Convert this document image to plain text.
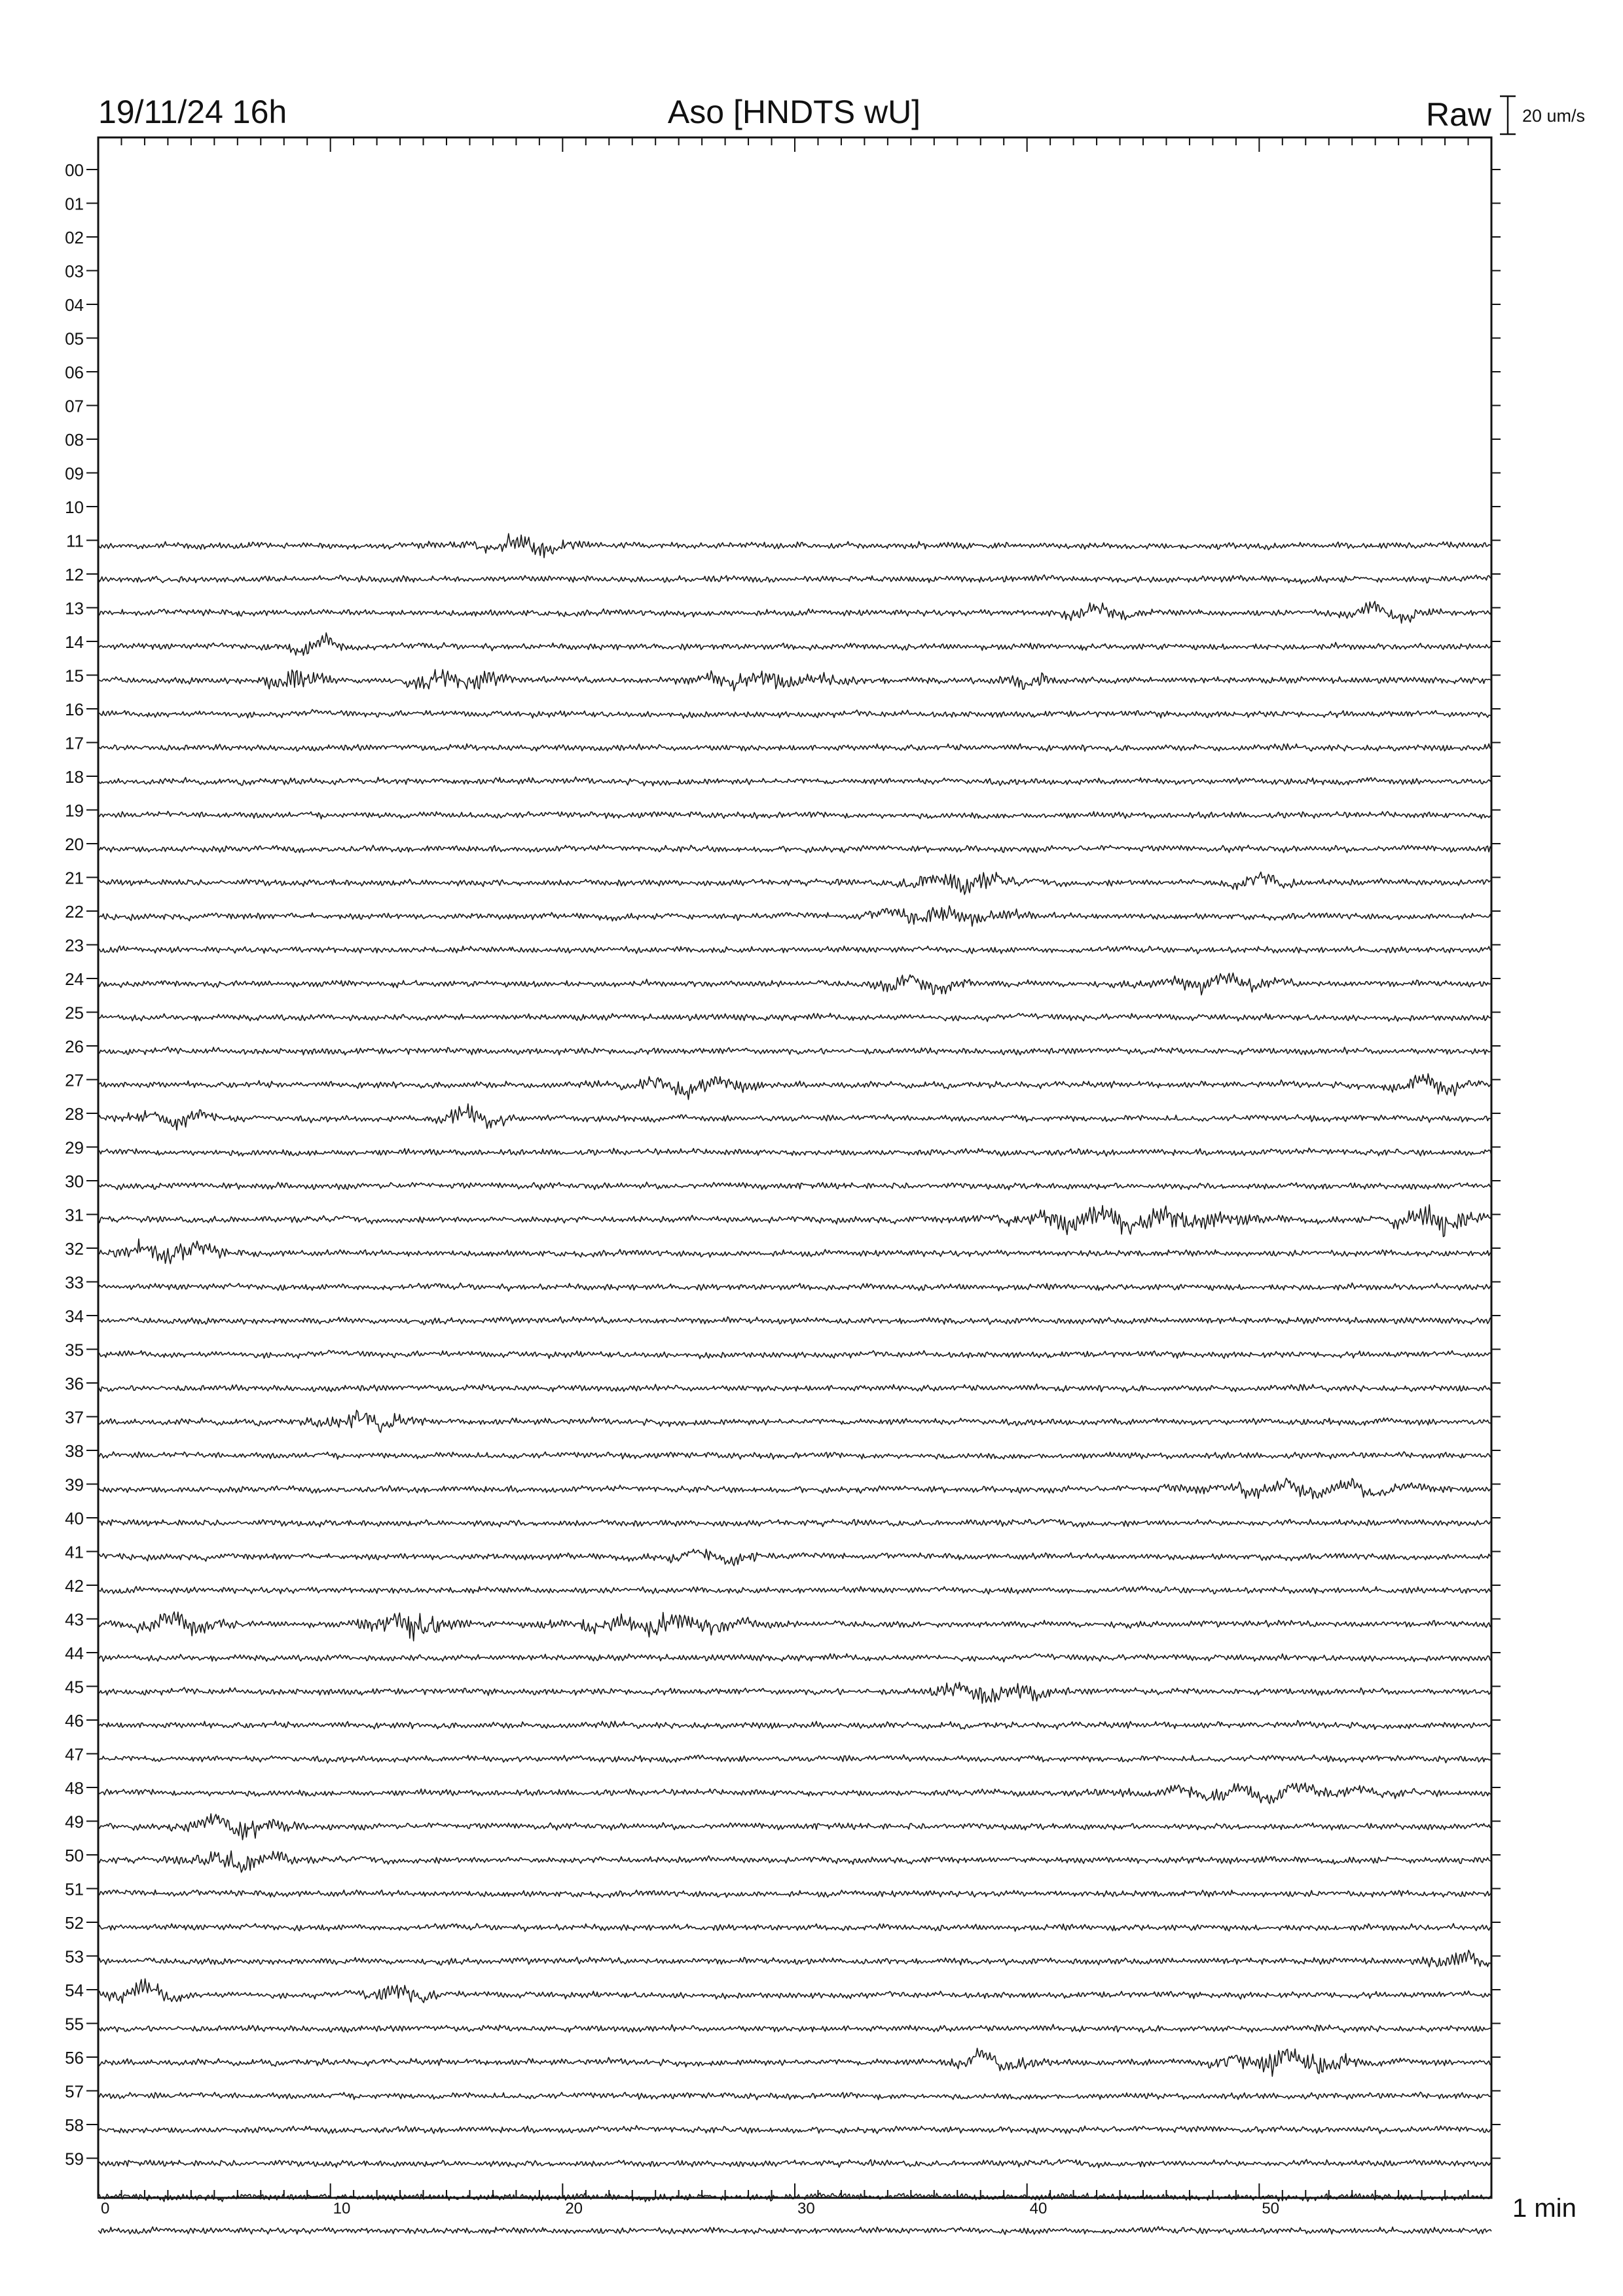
19/11/24 16h	Aso [HNDTS wU]	Raw 20 um/s
1 min
00
01
02
03
04
05
06
07
08
09
10
11
12
13
14
15
16
17
18
19
20
21
22
23
24
25
26
27
28
29
30
31
32
33
34
35
36
37
38
39
40
41
42
43
44
45
46
47
48
49
50
51
52
53
54
55
56
57
58
59
0	10	20	30	40	50
